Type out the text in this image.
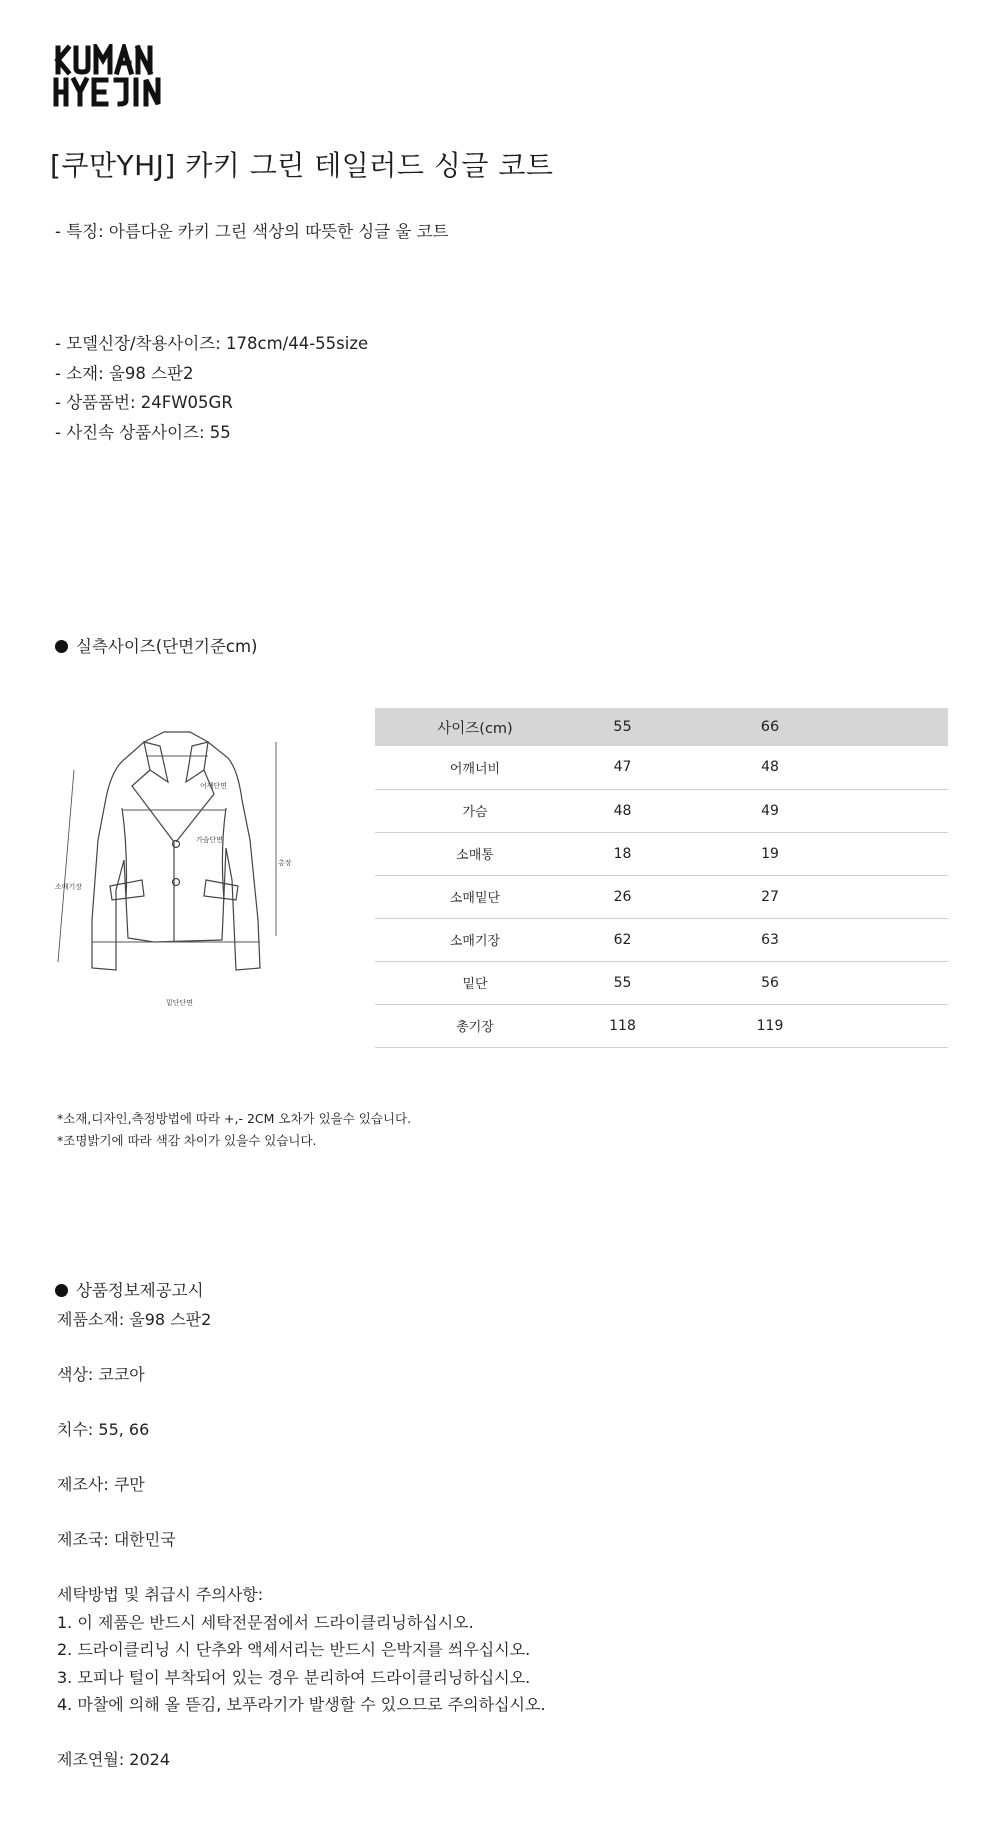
[쿠만YHJ] 카키 그린 테일러드 싱글 코트
- 특징: 아름다운 카키 그린 색상의 따뜻한 싱글 울 코트
- 모델신장/착용사이즈: 178cm/44-55size
- 소재: 울98 스판2
- 상품품번: 24FW05GR
- 사진속 상품사이즈: 55
실측사이즈(단면기준cm)
어깨단면
가슴단면
소매기장
총장
밑단단면
사이즈(cm)	55	66	
어깨너비	47	48	
가슴	48	49	
소매통	18	19	
소매밑단	26	27	
소매기장	62	63	
밑단	55	56	
총기장	118	119	
*소재,디자인,측정방법에 따라 +,- 2CM 오차가 있을수 있습니다.
*조명밝기에 따라 색감 차이가 있을수 있습니다.
상품정보제공고시
제품소재: 울98 스판2
색상: 코코아
치수: 55, 66
제조사: 쿠만
제조국: 대한민국
세탁방법 및 취급시 주의사항:
1. 이 제품은 반드시 세탁전문점에서 드라이클리닝하십시오.
2. 드라이클리닝 시 단추와 액세서리는 반드시 은박지를 씌우십시오.
3. 모피나 털이 부착되어 있는 경우 분리하여 드라이클리닝하십시오.
4. 마찰에 의해 올 뜯김, 보푸라기가 발생할 수 있으므로 주의하십시오.
제조연월: 2024
